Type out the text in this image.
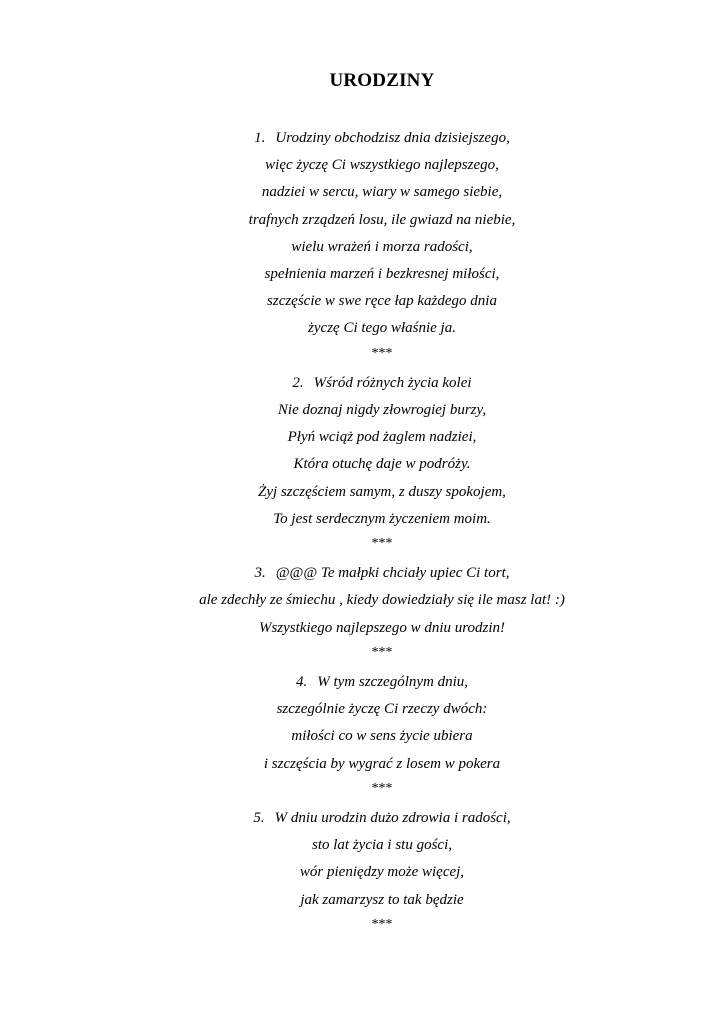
URODZINY
1. Urodziny obchodzisz dnia dzisiejszego,
więc życzę Ci wszystkiego najlepszego,
nadziei w sercu, wiary w samego siebie,
trafnych zrządzeń losu, ile gwiazd na niebie,
wielu wrażeń i morza radości,
spełnienia marzeń i bezkresnej miłości,
szczęście w swe ręce łap każdego dnia
życzę Ci tego właśnie ja.
***
2. Wśród różnych życia kolei
Nie doznaj nigdy złowrogiej burzy,
Płyń wciąż pod żaglem nadziei,
Która otuchę daje w podróży.
Żyj szczęściem samym, z duszy spokojem,
To jest serdecznym życzeniem moim.
***
3. @@@ Te małpki chciały upiec Ci tort,
ale zdechły ze śmiechu , kiedy dowiedziały się ile masz lat! :)
Wszystkiego najlepszego w dniu urodzin!
***
4. W tym szczególnym dniu,
szczególnie życzę Ci rzeczy dwóch:
miłości co w sens życie ubiera
i szczęścia by wygrać z losem w pokera
***
5. W dniu urodzin dużo zdrowia i radości,
sto lat życia i stu gości,
wór pieniędzy może więcej,
jak zamarzysz to tak będzie
***
